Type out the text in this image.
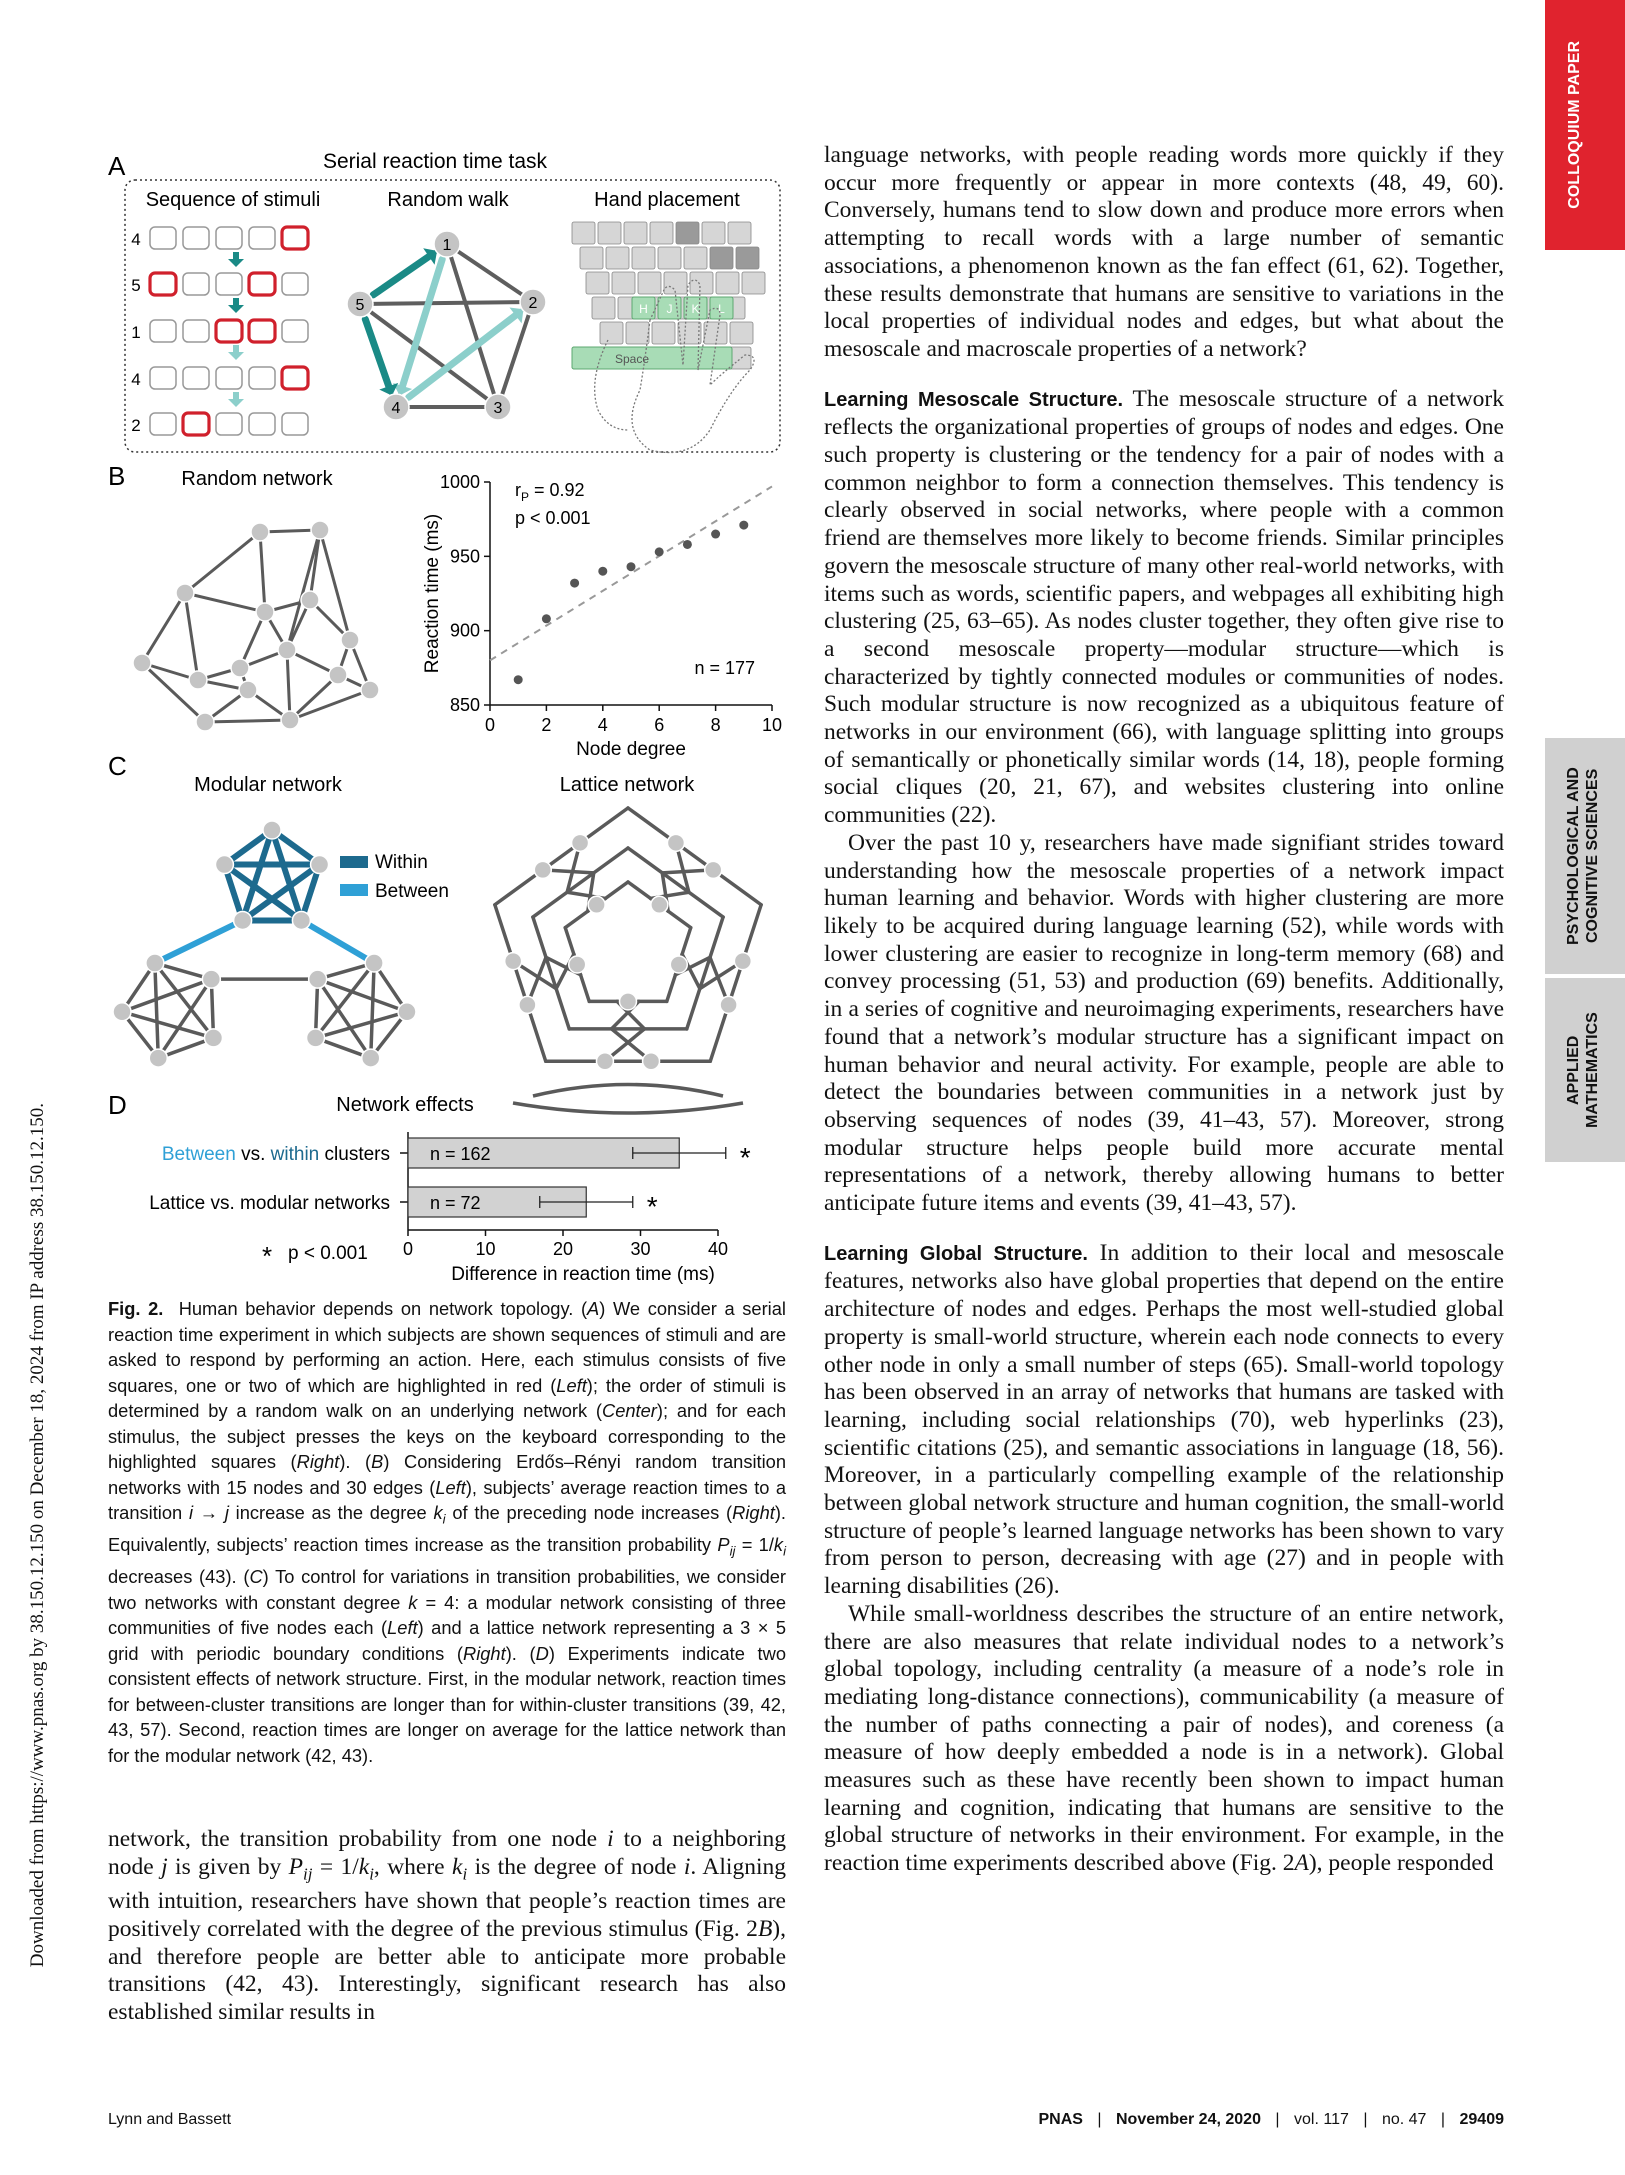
COLLOQUIUM PAPER
PSYCHOLOGICAL AND COGNITIVE SCIENCES
APPLIED MATHEMATICS
Downloaded from https://www.pnas.org by 38.150.12.150 on December 18, 2024 from IP address 38.150.12.150.
A	Serial reaction time task
Sequence of stimuli	Random walk	Hand placement
4
5
1
4
2
1
2
3
4
5	H J K L
Space
B	Random network
0	2	4	6	8 10
850
900
950
1000
Node degree
Reaction time (ms)
$r_P = 0.92$
p < 0.001
n = 177
C
Modular network	Lattice network
Within
Between
D	Network effects
Between vs. within clusters
Lattice vs. modular networks
* p < 0.001
n = 162	*
n = 72	*
0	10	20	30	40
Difference in reaction time (ms)
Fig. 2. Human behavior depends on network topology. (A) We consider a serial reaction time experiment in which subjects are shown sequences of stimuli and are asked to respond by performing an action. Here, each stimulus consists of five squares, one or two of which are highlighted in red (Left); the order of stimuli is determined by a random walk on an underlying network (Center); and for each stimulus, the subject presses the keys on the keyboard corresponding to the highlighted squares (Right). (B) Considering Erdős–Rényi random transition networks with 15 nodes and 30 edges (Left), subjects’ average reaction times to a transition i → j increase as the degree $k_i$ of the preceding node increases (Right). Equivalently, subjects’ reaction times increase as the transition probability $P_{ij} = 1/k_i$ decreases (43). (C) To control for variations in transition probabilities, we consider two networks with constant degree k = 4: a modular network consisting of three communities of five nodes each (Left) and a lattice network representing a 3 × 5 grid with periodic boundary conditions (Right). (D) Experiments indicate two consistent effects of network structure. First, in the modular network, reaction times for between-cluster transitions are longer than for within-cluster transitions (39, 42, 43, 57). Second, reaction times are longer on average for the lattice network than for the modular network (42, 43).

network, the transition probability from one node i to a neighboring node j is given by $P_{ij} = 1/k_i$, where $k_i$ is the degree of node i. Aligning with intuition, researchers have shown that people’s reaction times are positively correlated with the degree of the previous stimulus (Fig. 2B), and therefore people are better able to anticipate more probable transitions (42, 43). Interestingly, significant research has also established similar results in

language networks, with people reading words more quickly if they occur more frequently or appear in more contexts (48, 49, 60). Conversely, humans tend to slow down and produce more errors when attempting to recall words with a large number of semantic associations, a phenomenon known as the fan effect (61, 62). Together, these results demonstrate that humans are sensitive to variations in the local properties of individual nodes and edges, but what about the mesoscale and macroscale properties of a network?

Learning Mesoscale Structure. The mesoscale structure of a network reflects the organizational properties of groups of nodes and edges. One such property is clustering or the tendency for a pair of nodes with a common neighbor to form a connection themselves. This tendency is clearly observed in social networks, where people with a common friend are themselves more likely to become friends. Similar principles govern the mesoscale structure of many other real-world networks, with items such as words, scientific papers, and webpages all exhibiting high clustering (25, 63–65). As nodes cluster together, they often give rise to a second mesoscale property—modular structure—which is characterized by tightly connected modules or communities of nodes. Such modular structure is now recognized as a ubiquitous feature of networks in our environment (66), with language splitting into groups of semantically or phonetically similar words (14, 18), people forming social cliques (20, 21, 67), and websites clustering into online communities (22).

Over the past 10 y, researchers have made signifiant strides toward understanding how the mesoscale properties of a network impact human learning and behavior. Words with higher clustering are more likely to be acquired during language learning (52), while words with lower clustering are easier to recognize in long-term memory (68) and convey processing (51, 53) and production (69) benefits. Additionally, in a series of cognitive and neuroimaging experiments, researchers have found that a network’s modular structure has a significant impact on human behavior and neural activity. For example, people are able to detect the boundaries between communities in a network just by observing sequences of nodes (39, 41–43, 57). Moreover, strong modular structure helps people build more accurate mental representations of a network, thereby allowing humans to better anticipate future items and events (39, 41–43, 57).

Learning Global Structure. In addition to their local and mesoscale features, networks also have global properties that depend on the entire architecture of nodes and edges. Perhaps the most well-studied global property is small-world structure, wherein each node connects to every other node in only a small number of steps (65). Small-world topology has been observed in an array of networks that humans are tasked with learning, including social relationships (70), web hyperlinks (23), scientific citations (25), and semantic associations in language (18, 56). Moreover, in a particularly compelling example of the relationship between global network structure and human cognition, the small-world structure of people’s learned language networks has been shown to vary from person to person, decreasing with age (27) and in people with learning disabilities (26).

While small-worldness describes the structure of an entire network, there are also measures that relate individual nodes to a network’s global topology, including centrality (a measure of a node’s role in mediating long-distance connections), communicability (a measure of the number of paths connecting a pair of nodes), and coreness (a measure of how deeply embedded a node is in a network). Global measures such as these have recently been shown to impact human learning and cognition, indicating that humans are sensitive to the global structure of networks in their environment. For example, in the reaction time experiments described above (Fig. 2A), people responded

Lynn and Bassett	PNAS | November 24, 2020 | vol. 117 | no. 47 | 29409
